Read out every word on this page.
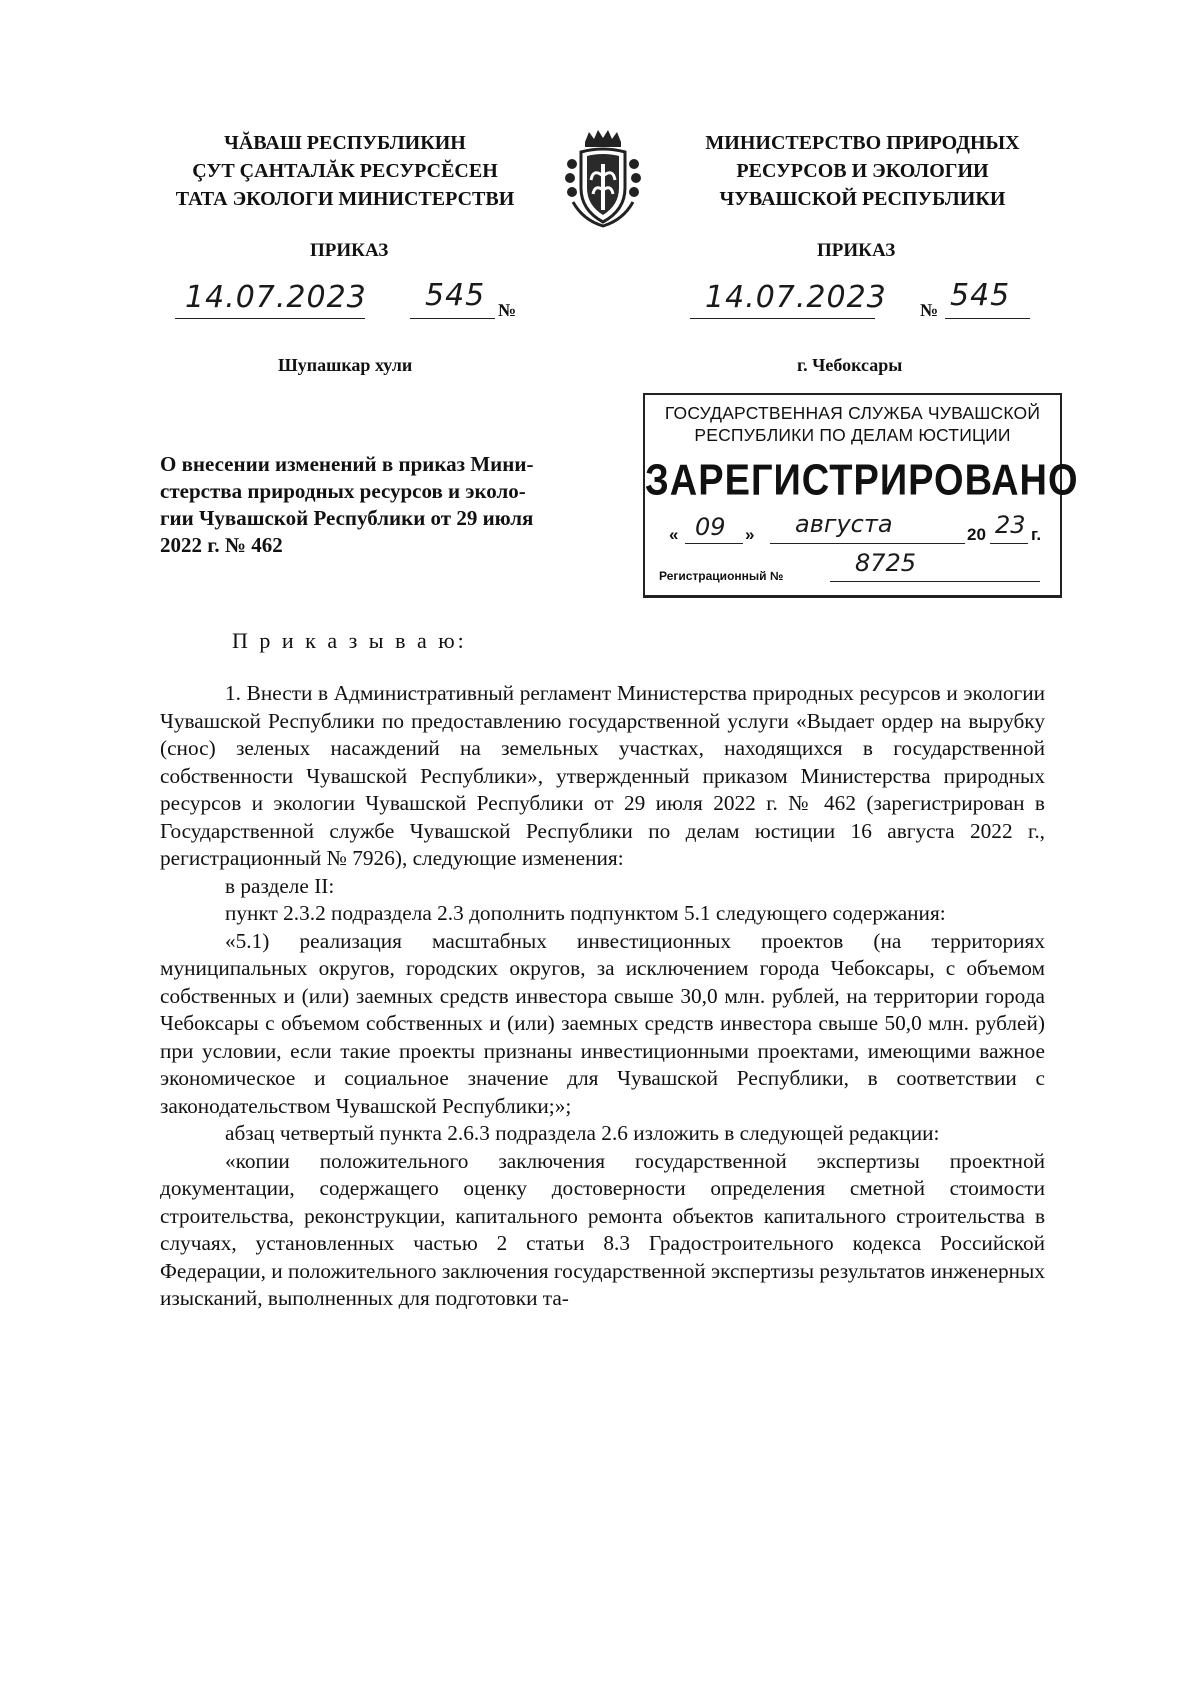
ЧĂВАШ РЕСПУБЛИКИН
ÇУТ ÇАНТАЛĂК РЕСУРСĔСЕН
ТАТА ЭКОЛОГИ МИНИСТЕРСТВИ
МИНИСТЕРСТВО ПРИРОДНЫХ
РЕСУРСОВ И ЭКОЛОГИИ
ЧУВАШСКОЙ РЕСПУБЛИКИ
ПРИКАЗ	ПРИКАЗ
14.07.2023 545 №	14.07.2023 № 545
Шупашкар хули	г. Чебоксары
О внесении изменений в приказ Мини-
стерства природных ресурсов и эколо-
гии Чувашской Республики от 29 июля
2022 г. № 462
ГОСУДАРСТВЕННАЯ СЛУЖБА ЧУВАШСКОЙ
РЕСПУБЛИКИ ПО ДЕЛАМ ЮСТИЦИИ
ЗАРЕГИСТРИРОВАНО
« 09 » августа	20 23 г.
Регистрационный №	8725
П р и к а з ы в а ю:

1. Внести в Административный регламент Министерства природных ресурсов и экологии Чувашской Республики по предоставлению государственной услуги «Выдает ордер на вырубку (снос) зеленых насаждений на земельных участках, находящихся в государственной собственности Чувашской Республики», утвержденный приказом Министерства природных ресурсов и экологии Чувашской Республики от 29 июля 2022 г. № 462 (зарегистрирован в Государственной службе Чувашской Республики по делам юстиции 16 августа 2022 г., регистрационный № 7926), следующие изменения:

в разделе II:

пункт 2.3.2 подраздела 2.3 дополнить подпунктом 5.1 следующего содержания:

«5.1) реализация масштабных инвестиционных проектов (на территориях муниципальных округов, городских округов, за исключением города Чебоксары, с объемом собственных и (или) заемных средств инвестора свыше 30,0 млн. рублей, на территории города Чебоксары с объемом собственных и (или) заемных средств инвестора свыше 50,0 млн. рублей) при условии, если такие проекты признаны инвестиционными проектами, имеющими важное экономическое и социальное значение для Чувашской Республики, в соответствии с законодательством Чувашской Республики;»;

абзац четвертый пункта 2.6.3 подраздела 2.6 изложить в следующей редакции:

«копии положительного заключения государственной экспертизы проектной документации, содержащего оценку достоверности определения сметной стоимости строительства, реконструкции, капитального ремонта объектов капитального строительства в случаях, установленных частью 2 статьи 8.3 Градостроительного кодекса Российской Федерации, и положительного заключения государственной экспертизы результатов инженерных изысканий, выполненных для подготовки та-
